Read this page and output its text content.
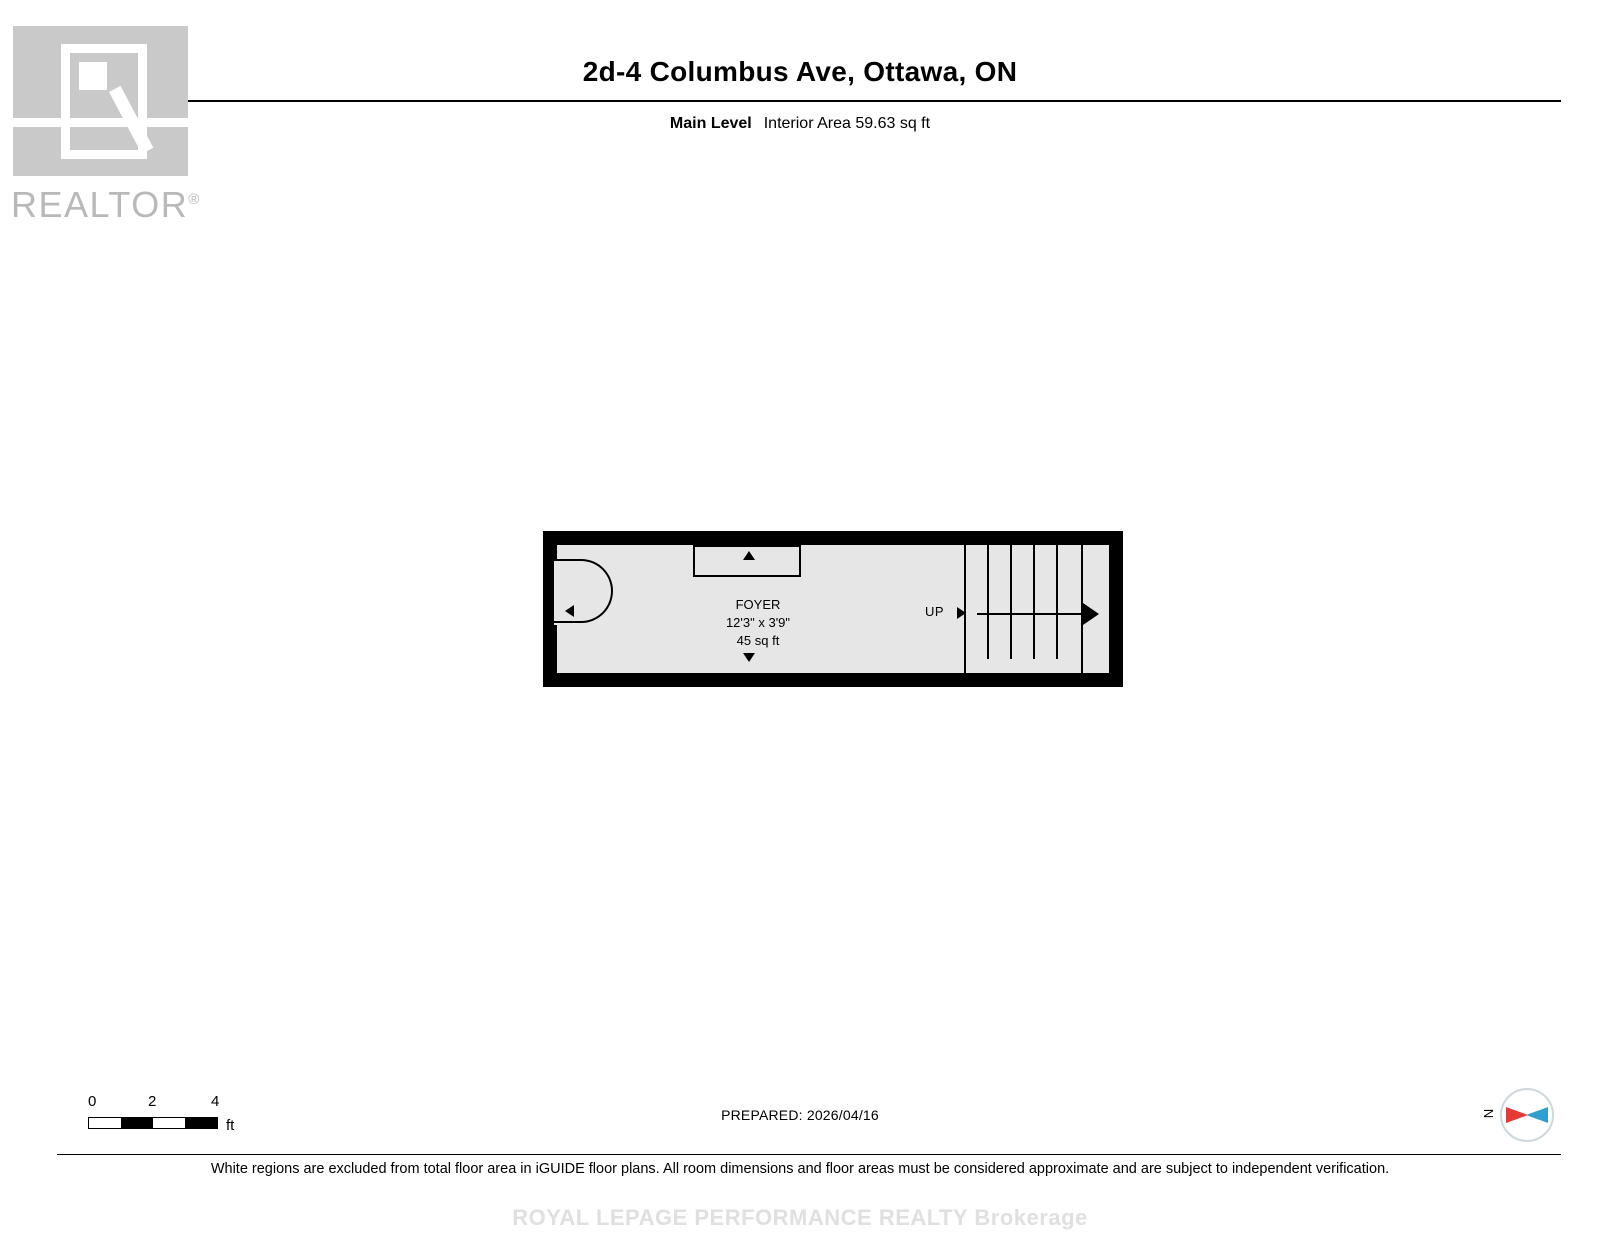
REALTOR®
2d-4 Columbus Ave, Ottawa, ON
Main Level Interior Area 59.63 sq ft
UP
FOYER
12'3" x 3'9"
45 sq ft
0	2	4
ft
PREPARED: 2026/04/16	N
White regions are excluded from total floor area in iGUIDE floor plans. All room dimensions and floor areas must be considered approximate and are subject to independent verification.
ROYAL LEPAGE PERFORMANCE REALTY Brokerage
